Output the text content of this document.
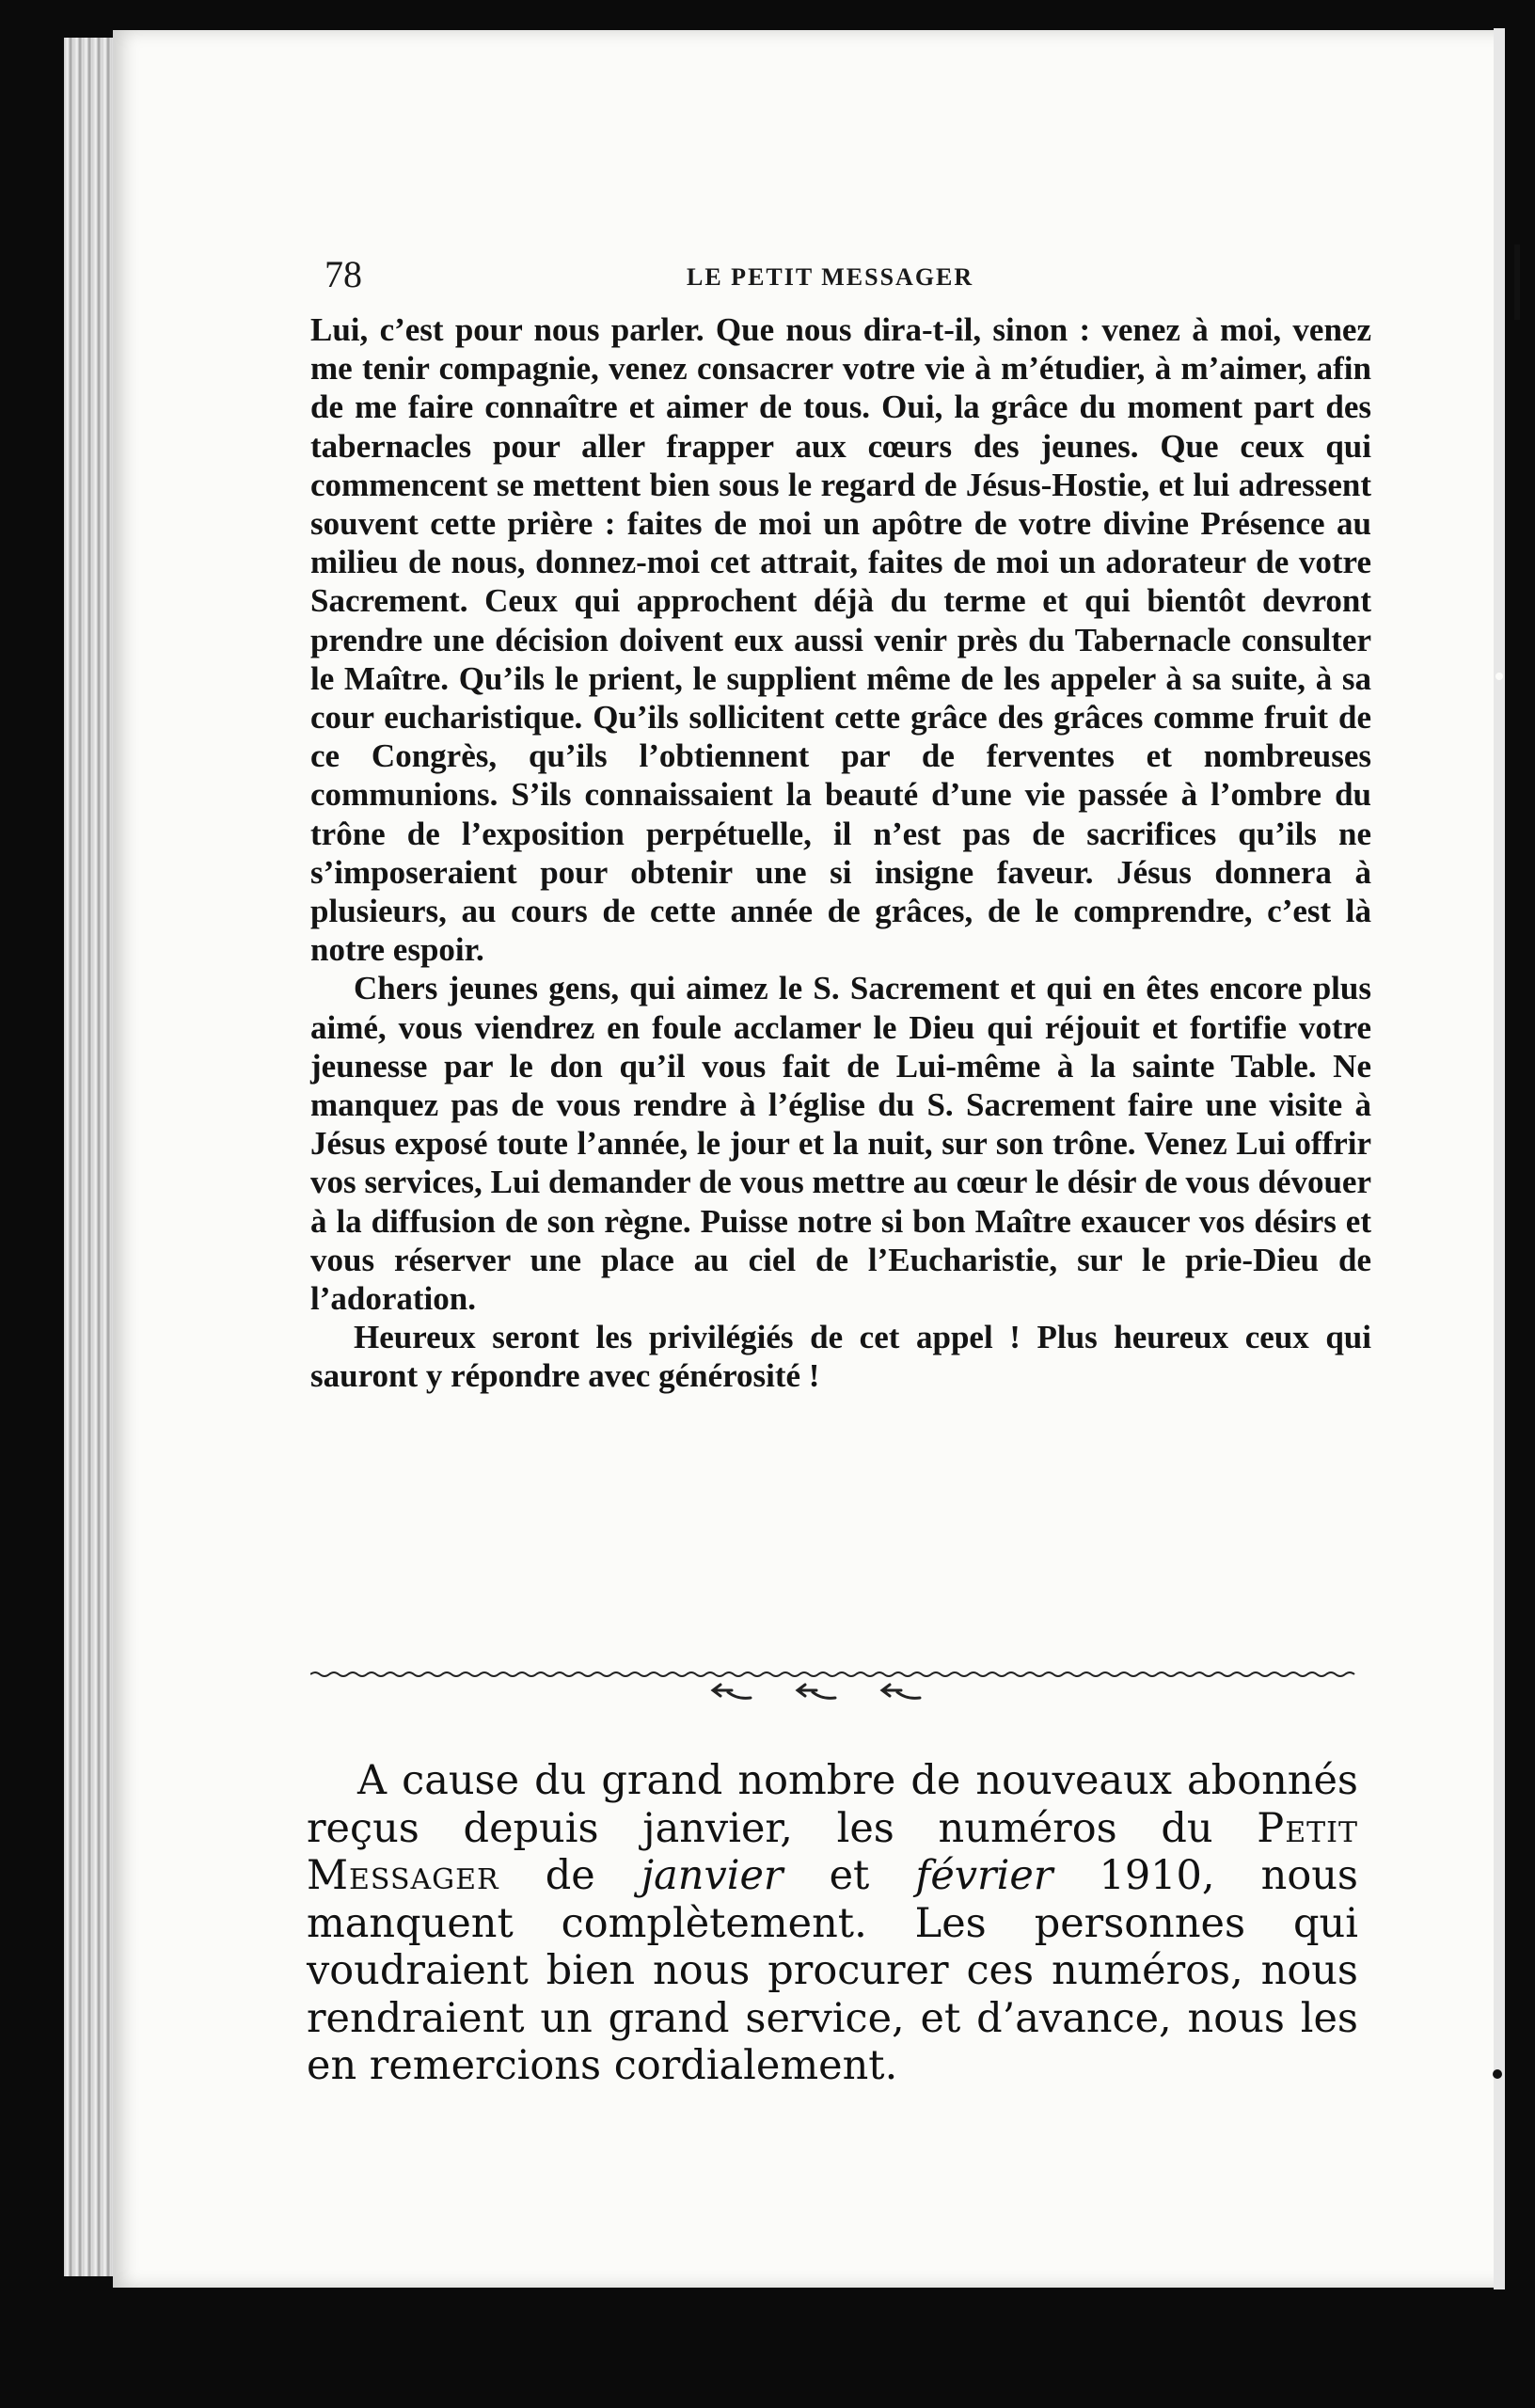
78	LE PETIT MESSAGER

Lui, c’est pour nous parler. Que nous dira-t-il, sinon : venez à moi, venez me tenir compagnie, venez consacrer votre vie à m’étudier, à m’aimer, afin de me faire connaître et aimer de tous. Oui, la grâce du moment part des tabernacles pour aller frapper aux cœurs des jeunes. Que ceux qui commencent se mettent bien sous le regard de Jésus-Hostie, et lui adressent souvent cette prière : faites de moi un apôtre de votre divine Présence au milieu de nous, donnez-moi cet attrait, faites de moi un adorateur de votre Sacrement. Ceux qui approchent déjà du terme et qui bientôt devront prendre une décision doivent eux aussi venir près du Tabernacle consulter le Maître. Qu’ils le prient, le supplient même de les appeler à sa suite, à sa cour eucharistique. Qu’ils sollicitent cette grâce des grâces comme fruit de ce Congrès, qu’ils l’obtiennent par de ferventes et nombreuses communions. S’ils connaissaient la beauté d’une vie passée à l’ombre du trône de l’exposition perpétuelle, il n’est pas de sacrifices qu’ils ne s’imposeraient pour obtenir une si insigne faveur. Jésus donnera à plusieurs, au cours de cette année de grâces, de le comprendre, c’est là notre espoir.

Chers jeunes gens, qui aimez le S. Sacrement et qui en êtes encore plus aimé, vous viendrez en foule acclamer le Dieu qui réjouit et fortifie votre jeunesse par le don qu’il vous fait de Lui-même à la sainte Table. Ne manquez pas de vous rendre à l’église du S. Sacrement faire une visite à Jésus exposé toute l’année, le jour et la nuit, sur son trône. Venez Lui offrir vos services, Lui demander de vous mettre au cœur le désir de vous dévouer à la diffusion de son règne. Puisse notre si bon Maître exaucer vos désirs et vous réserver une place au ciel de l’Eucharistie, sur le prie-Dieu de l’adoration.

Heureux seront les privilégiés de cet appel ! Plus heureux ceux qui sauront y répondre avec générosité !

A cause du grand nombre de nouveaux abonnés reçus depuis janvier, les numéros du Petit Messager de janvier et février 1910, nous manquent complètement. Les personnes qui voudraient bien nous procurer ces numéros, nous rendraient un grand service, et d’avance, nous les en remercions cordialement.
